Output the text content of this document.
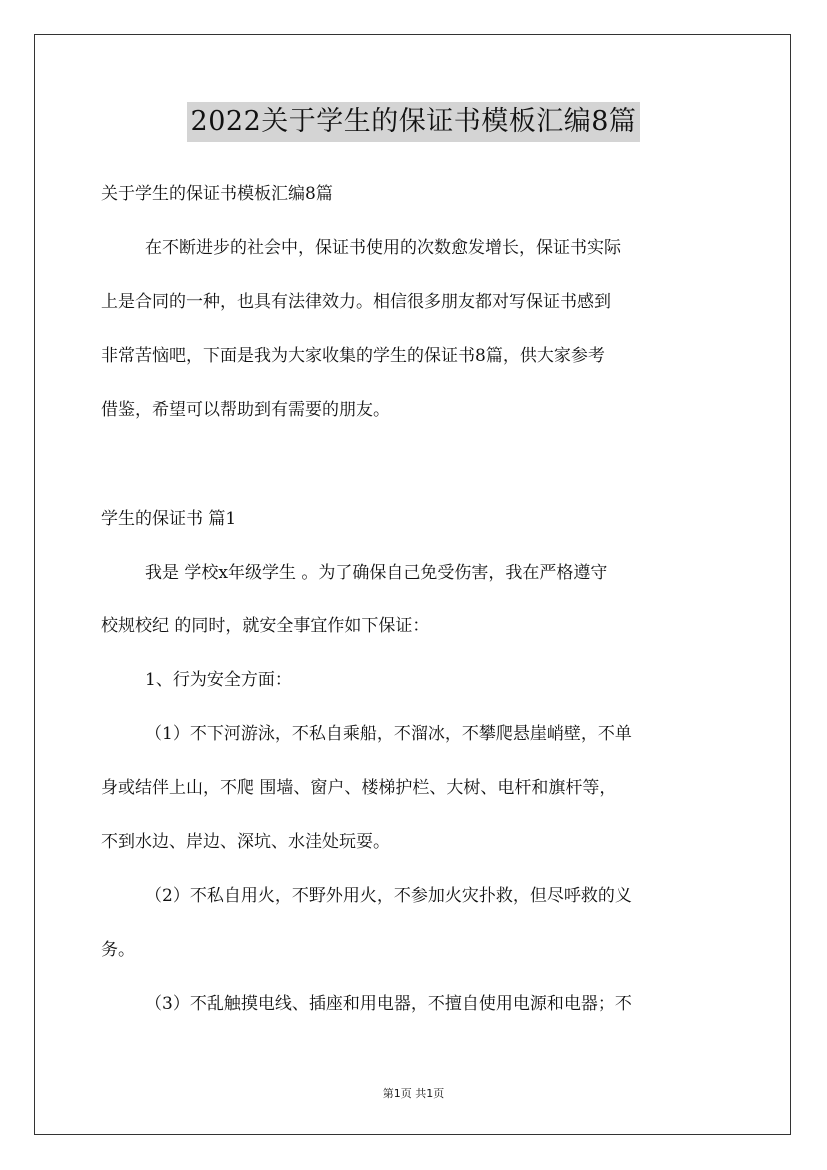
2022关于学生的保证书模板汇编8篇
关于学生的保证书模板汇编8篇
在不断进步的社会中，保证书使用的次数愈发增长，保证书实际
上是合同的一种，也具有法律效力。相信很多朋友都对写保证书感到
非常苦恼吧，下面是我为大家收集的学生的保证书8篇，供大家参考
借鉴，希望可以帮助到有需要的朋友。
学生的保证书 篇1
我是 学校x年级学生 。为了确保自己免受伤害，我在严格遵守
校规校纪 的同时，就安全事宜作如下保证：
1、行为安全方面：
（1）不下河游泳，不私自乘船，不溜冰，不攀爬悬崖峭壁，不单
身或结伴上山，不爬 围墙、窗户、楼梯护栏、大树、电杆和旗杆等，
不到水边、岸边、深坑、水洼处玩耍。
（2）不私自用火，不野外用火，不参加火灾扑救，但尽呼救的义
务。
（3）不乱触摸电线、插座和用电器，不擅自使用电源和电器；不
第1页 共1页
